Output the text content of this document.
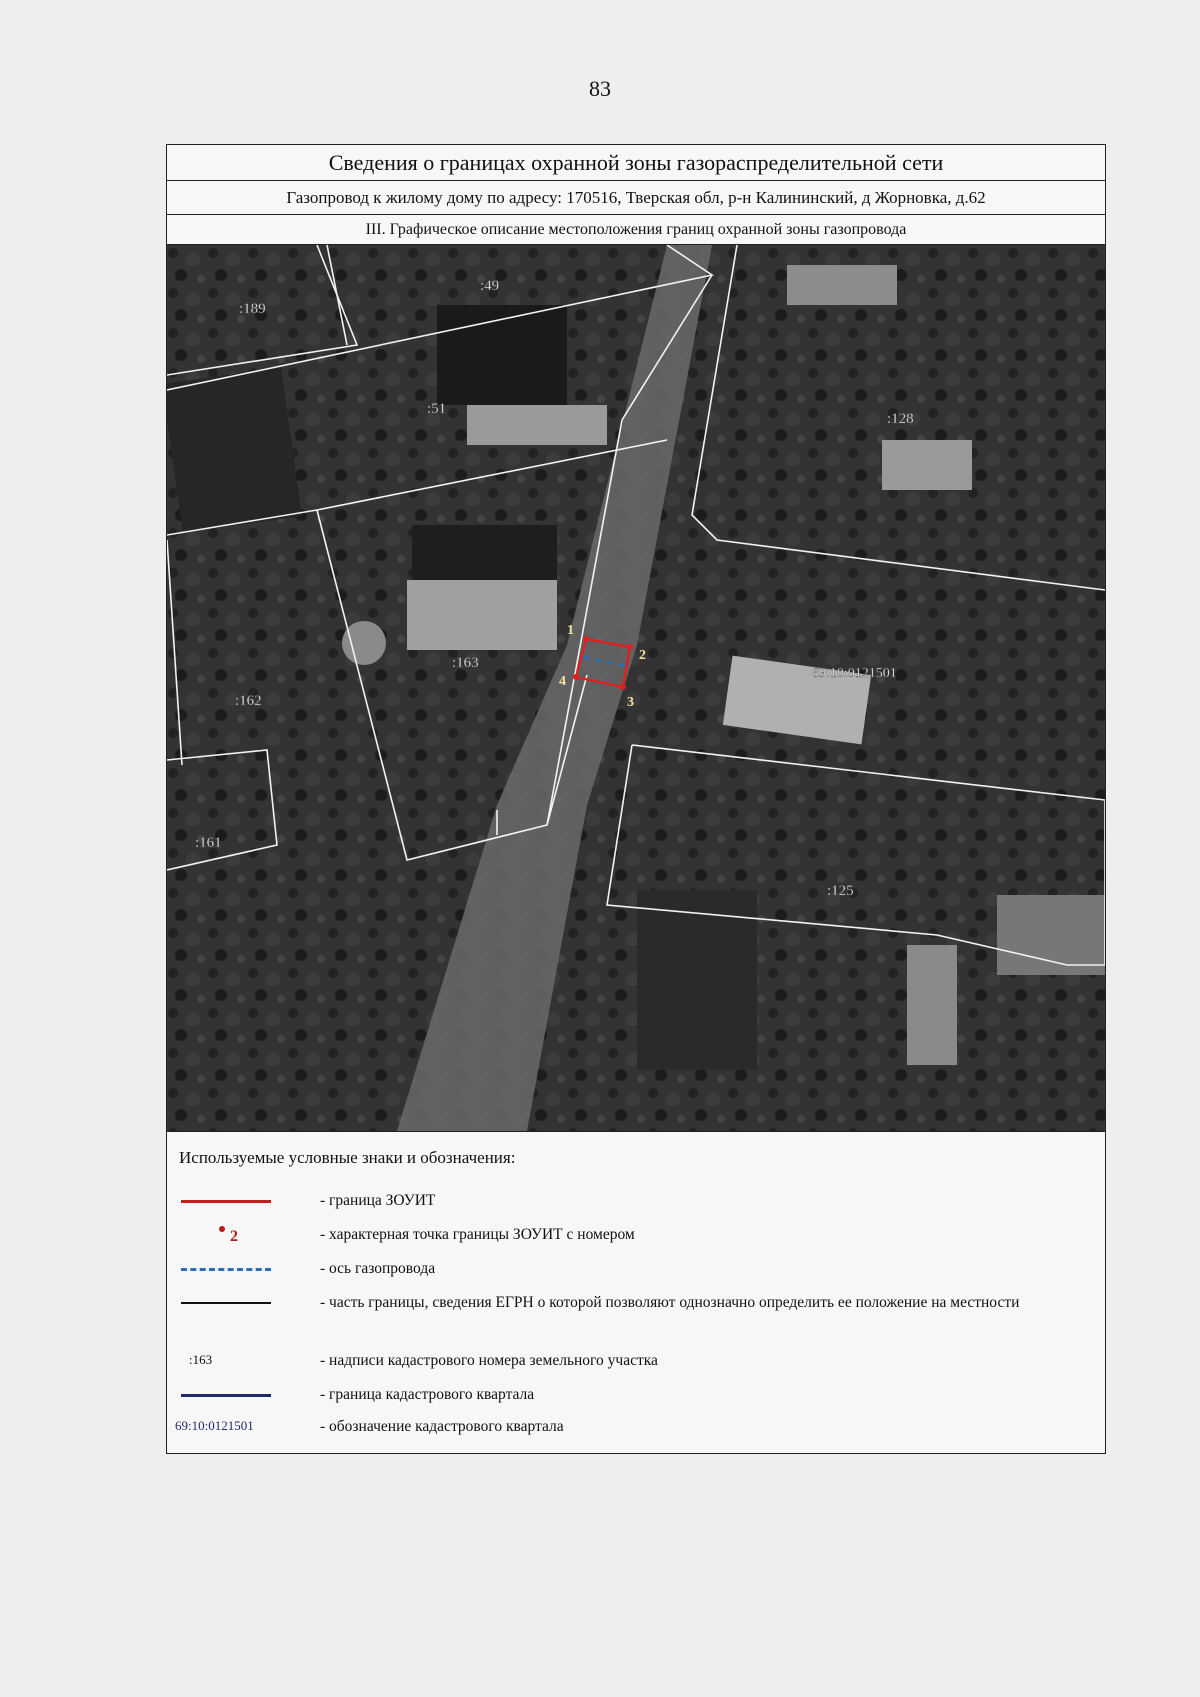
83
Сведения о границах охранной зоны газораспределительной сети
Газопровод к жилому дому по адресу: 170516, Тверская обл, р-н Калининский, д Жорновка, д.62
III. Графическое описание местоположения границ охранной зоны газопровода
1
2
3
4
:189
:49
:51
:128
:163
:162
:161
:125
69:10:0121501
Используемые условные знаки и обозначения:
- граница ЗОУИТ
2	- характерная точка границы ЗОУИТ с номером
- ось газопровода
- часть границы, сведения ЕГРН о которой позволяют однозначно определить ее положение на местности
:163	- надписи кадастрового номера земельного участка
- граница кадастрового квартала
69:10:0121501	- обозначение кадастрового квартала
